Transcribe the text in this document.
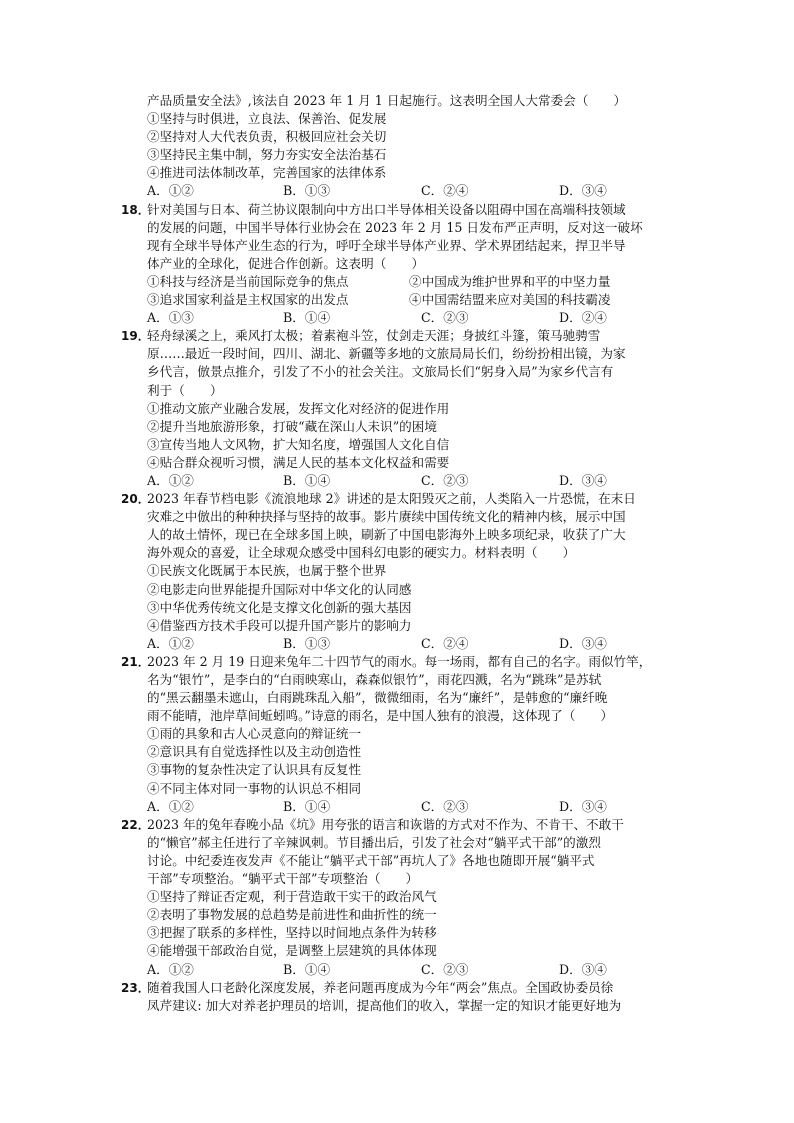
产品质量安全法》,该法自 2023 年 1 月 1 日起施行。这表明全国人大常委会（　　）
①坚持与时俱进，立良法、保善治、促发展
②坚持对人大代表负责，积极回应社会关切
③坚持民主集中制，努力夯实安全法治基石
④推进司法体制改革，完善国家的法律体系
A．①②	B．①③	C．②④	D．③④
18．
针对美国与日本、荷兰协议限制向中方出口半导体相关设备以阻碍中国在高端科技领域
的发展的问题，中国半导体行业协会在 2023 年 2 月 15 日发布严正声明，反对这一破坏
现有全球半导体产业生态的行为，呼吁全球半导体产业界、学术界团结起来，捍卫半导
体产业的全球化，促进合作创新。这表明（　　）
①科技与经济是当前国际竞争的焦点	②中国成为维护世界和平的中坚力量
③追求国家利益是主权国家的出发点	④中国需结盟来应对美国的科技霸凌
A．①③	B．①④	C．②③	D．②④
19．
轻舟绿溪之上，乘风打太极；着素袍斗笠，仗剑走天涯；身披红斗篷，策马驰骋雪
原……最近一段时间，四川、湖北、新疆等多地的文旅局局长们，纷纷扮相出镜，为家
乡代言，倣景点推介，引发了不小的社会关注。文旅局长们“躬身入局”为家乡代言有
利于（　　）
①推动文旅产业融合发展，发挥文化对经济的促进作用
②提升当地旅游形象，打破“藏在深山人未识”的困境
③宣传当地人文风物，扩大知名度，增强国人文化自信
④贴合群众视听习惯，满足人民的基本文化权益和需要
A．①②	B．①④	C．②③	D．③④
20．
2023 年春节档电影《流浪地球 2》讲述的是太阳毁灭之前，人类陷入一片恐慌，在末日
灾难之中倣出的种种抉择与坚持的故事。影片赓续中国传统文化的精神内核，展示中国
人的故土情怀，现已在全球多国上映，刷新了中国电影海外上映多项纪录，收获了广大
海外观众的喜爱，让全球观众感受中国科幻电影的硬实力。材料表明（　　）
①民族文化既属于本民族，也属于整个世界
②电影走向世界能提升国际对中华文化的认同感
③中华优秀传统文化是支撑文化创新的强大基因
④借鉴西方技术手段可以提升国产影片的影响力
A．①②	B．①③	C．②④	D．③④
21．
2023 年 2 月 19 日迎来兔年二十四节气的雨水。每一场雨，都有自己的名字。雨似竹竿，
名为“银竹”，是李白的“白雨映寒山，森森似银竹”，雨花四溅，名为“跳珠”是苏轼
的“黑云翻墨未遮山，白雨跳珠乱入船”，微微细雨，名为“廉纤”，是韩愈的“廉纤晚
雨不能晴，池岸草间蚯蚓鸣。”诗意的雨名，是中国人独有的浪漫，这体现了（　　）
①雨的具象和古人心灵意向的辩证统一
②意识具有自觉选择性以及主动创造性
③事物的复杂性决定了认识具有反复性
④不同主体对同一事物的认识总不相同
A．①②	B．①④	C．②③	D．③④
22．
2023 年的兔年春晚小品《坑》用夸张的语言和诙谐的方式对不作为、不肯干、不敢干
的“懒官”郝主任进行了辛辣讽刺。节目播出后，引发了社会对“躺平式干部”的激烈
讨论。中纪委连夜发声《不能让“躺平式干部”再坑人了》各地也随即开展“躺平式
干部”专项整治。“躺平式干部”专项整治（　　）
①坚持了辩证否定观，利于营造敢干实干的政治风气
②表明了事物发展的总趋势是前进性和曲折性的统一
③把握了联系的多样性，坚持以时间地点条件为转移
④能增强干部政治自觉，是调整上层建筑的具体体现
A．①②	B．①④	C．②③	D．③④
23．
随着我国人口老龄化深度发展，养老问题再度成为今年“两会”焦点。全国政协委员徐
凤芹建议: 加大对养老护理员的培训，提高他们的收入，掌握一定的知识才能更好地为
